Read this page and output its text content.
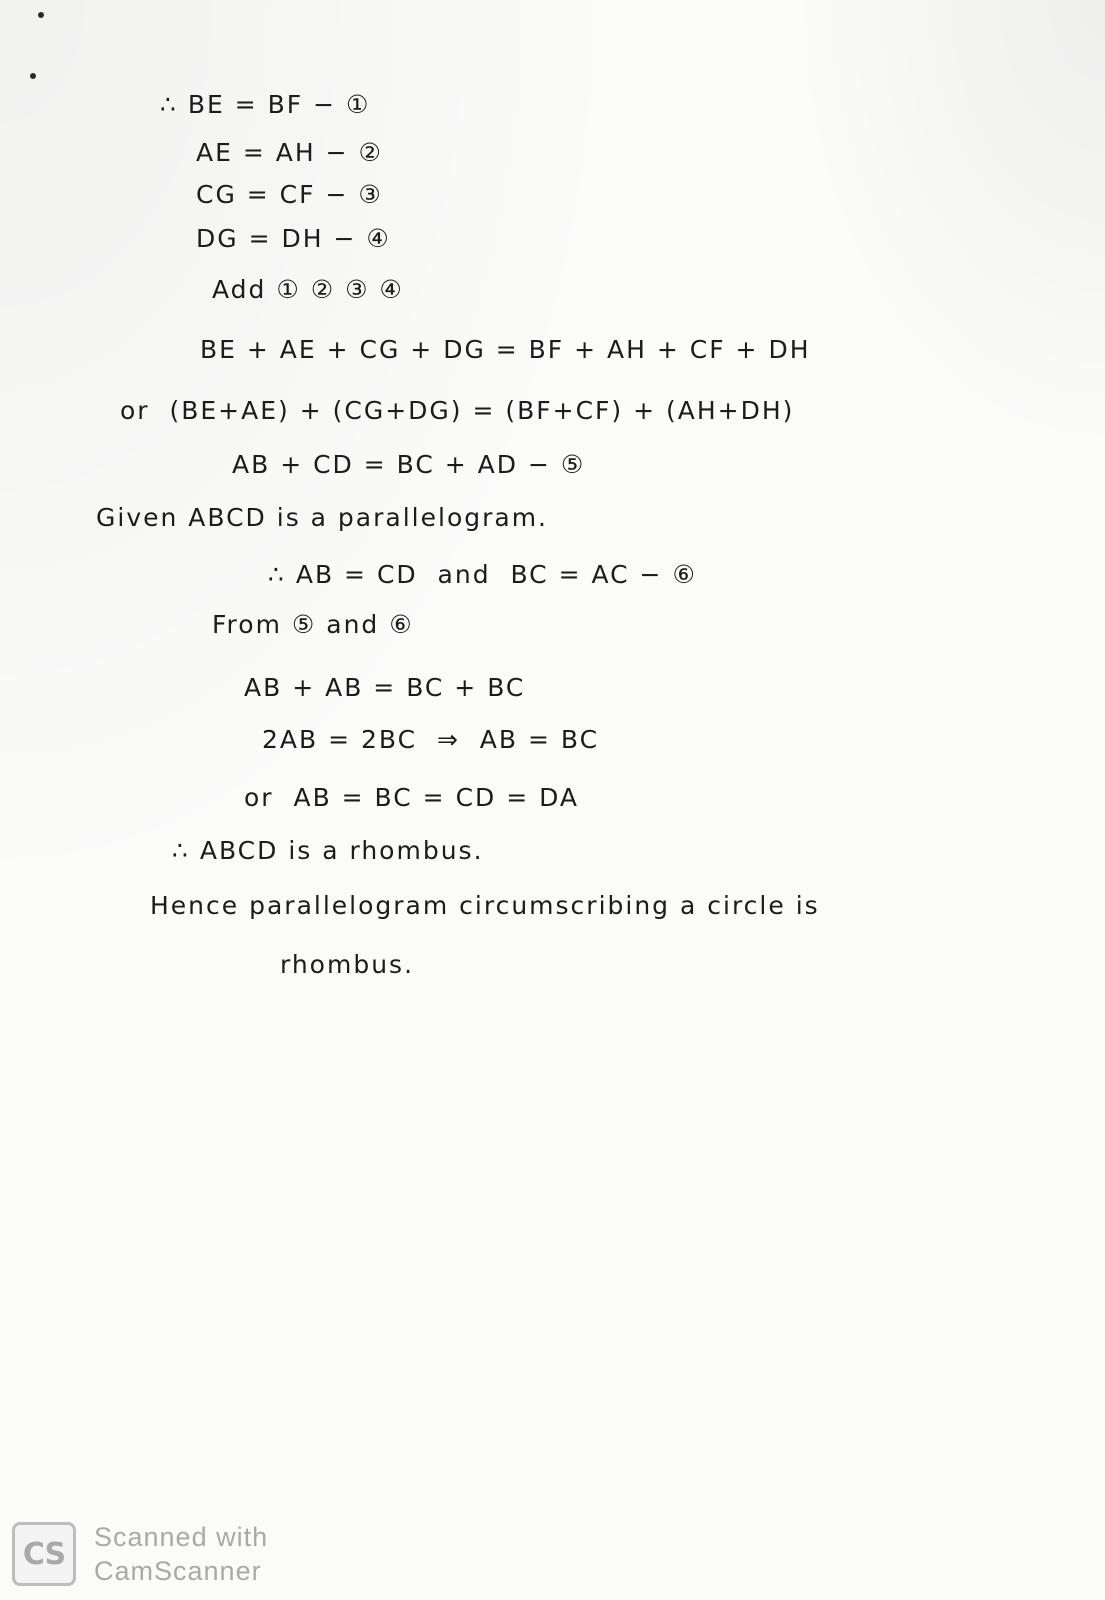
∴ BE = BF − ①
AE = AH − ②
CG = CF − ③
DG = DH − ④
Add ① ② ③ ④
BE + AE + CG + DG = BF + AH + CF + DH
or  (BE+AE) + (CG+DG) = (BF+CF) + (AH+DH)
AB + CD = BC + AD − ⑤
Given ABCD is a parallelogram.
∴ AB = CD  and  BC = AC − ⑥
From ⑤ and ⑥
AB + AB = BC + BC
2AB = 2BC  ⇒  AB = BC
or  AB = BC = CD = DA
∴ ABCD is a rhombus.
Hence parallelogram circumscribing a circle is
rhombus.
CS Scanned with
CamScanner
